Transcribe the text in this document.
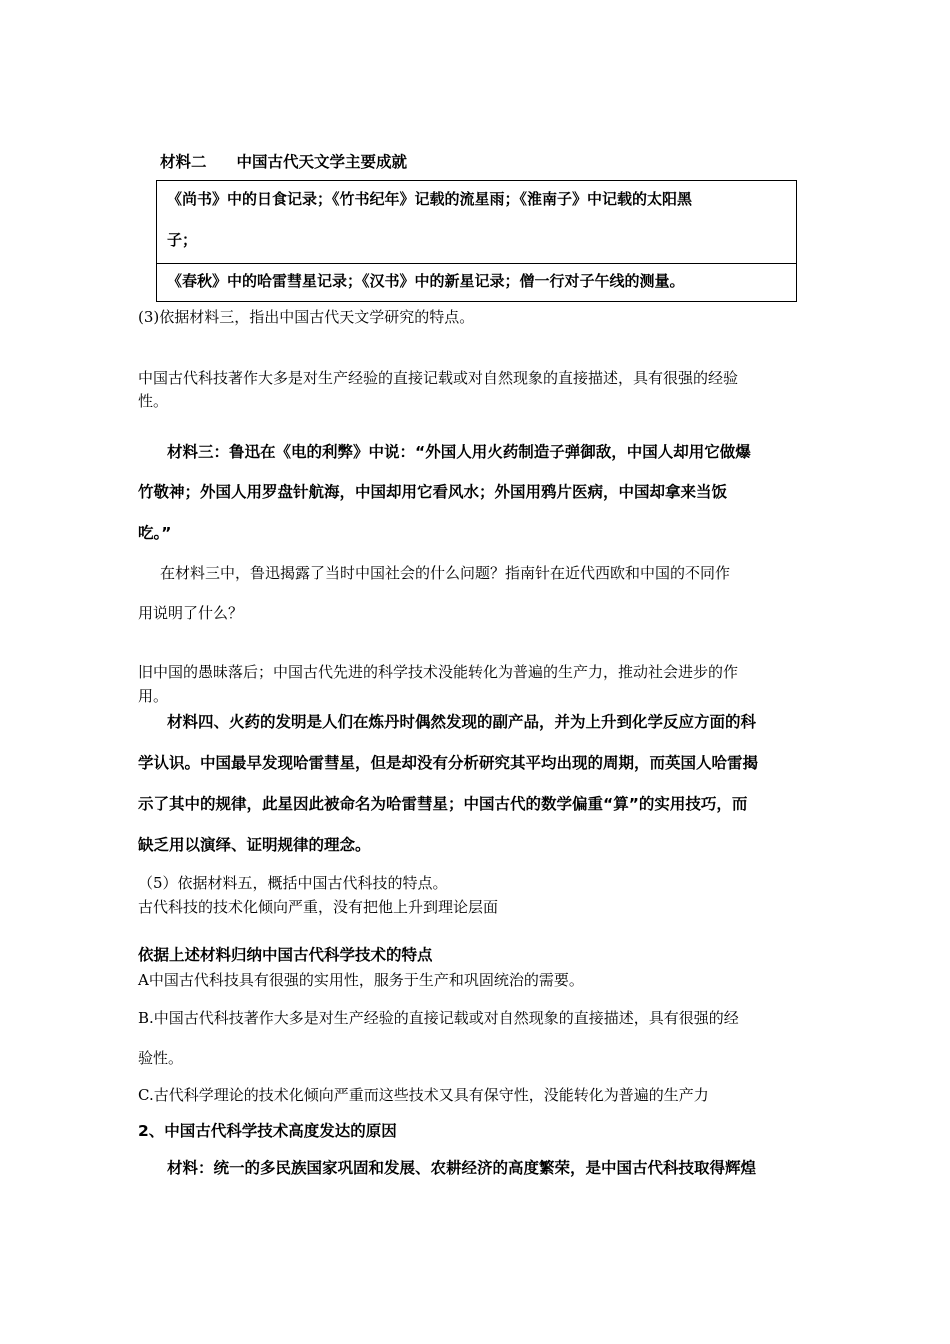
材料二 中国古代天文学主要成就
《尚书》中的日食记录；《竹书纪年》记载的流星雨；《淮南子》中记载的太阳黑
子；
《春秋》中的哈雷彗星记录；《汉书》中的新星记录；僧一行对子午线的测量。
(3)依据材料三，指出中国古代天文学研究的特点。
中国古代科技著作大多是对生产经验的直接记载或对自然现象的直接描述，具有很强的经验
性。
材料三：鲁迅在《电的利弊》中说：“外国人用火药制造子弹御敌，中国人却用它做爆
竹敬神；外国人用罗盘针航海，中国却用它看风水；外国用鸦片医病，中国却拿来当饭
吃。”
在材料三中，鲁迅揭露了当时中国社会的什么问题？指南针在近代西欧和中国的不同作
用说明了什么？
旧中国的愚昧落后；中国古代先进的科学技术没能转化为普遍的生产力，推动社会进步的作
用。
材料四、火药的发明是人们在炼丹时偶然发现的副产品，并为上升到化学反应方面的科
学认识。中国最早发现哈雷彗星，但是却没有分析研究其平均出现的周期，而英国人哈雷揭
示了其中的规律，此星因此被命名为哈雷彗星；中国古代的数学偏重“算”的实用技巧，而
缺乏用以演绎、证明规律的理念。
（5）依据材料五，概括中国古代科技的特点。
古代科技的技术化倾向严重，没有把他上升到理论层面
依据上述材料归纳中国古代科学技术的特点
A中国古代科技具有很强的实用性，服务于生产和巩固统治的需要。
B.中国古代科技著作大多是对生产经验的直接记载或对自然现象的直接描述，具有很强的经
验性。
C.古代科学理论的技术化倾向严重而这些技术又具有保守性，没能转化为普遍的生产力
2、中国古代科学技术高度发达的原因
材料：统一的多民族国家巩固和发展、农耕经济的高度繁荣，是中国古代科技取得辉煌
